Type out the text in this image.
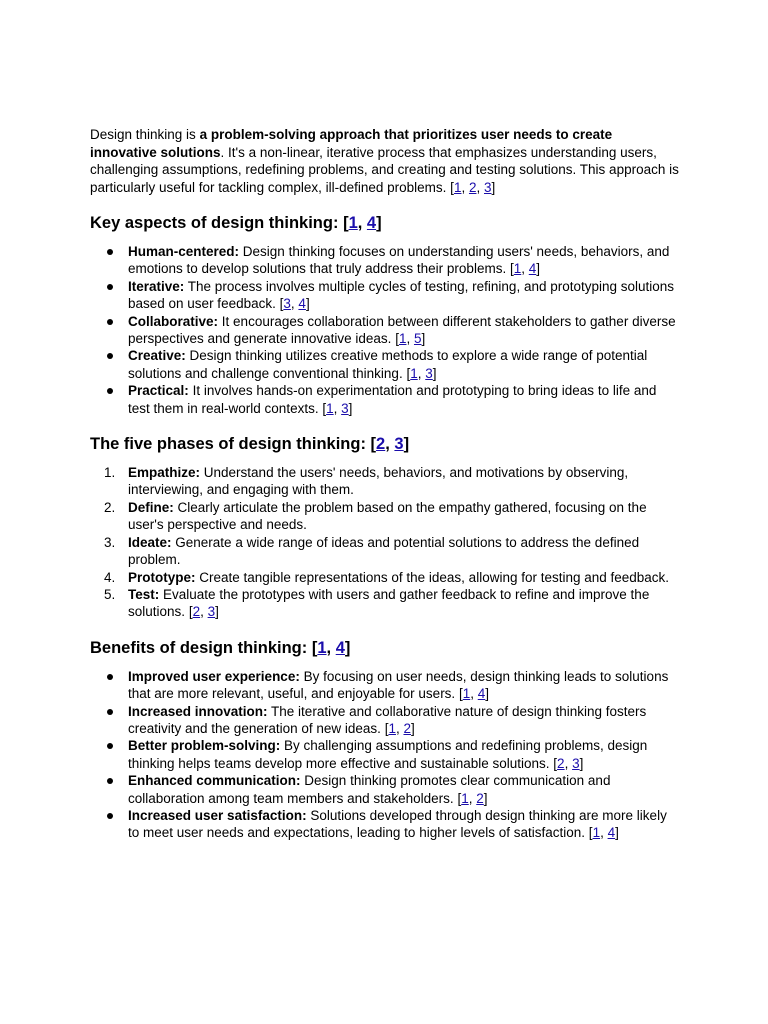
Design thinking is a problem-solving approach that prioritizes user needs to create innovative solutions. It's a non-linear, iterative process that emphasizes understanding users, challenging assumptions, redefining problems, and creating and testing solutions. This approach is particularly useful for tackling complex, ill-defined problems. [1, 2, 3]

Key aspects of design thinking: [1, 4]
Human-centered: Design thinking focuses on understanding users' needs, behaviors, and emotions to develop solutions that truly address their problems. [1, 4]
Iterative: The process involves multiple cycles of testing, refining, and prototyping solutions based on user feedback. [3, 4]
Collaborative: It encourages collaboration between different stakeholders to gather diverse perspectives and generate innovative ideas. [1, 5]
Creative: Design thinking utilizes creative methods to explore a wide range of potential solutions and challenge conventional thinking. [1, 3]
Practical: It involves hands-on experimentation and prototyping to bring ideas to life and test them in real-world contexts. [1, 3]
The five phases of design thinking: [2, 3]
1. Empathize: Understand the users' needs, behaviors, and motivations by observing, interviewing, and engaging with them.
2. Define: Clearly articulate the problem based on the empathy gathered, focusing on the user's perspective and needs.
3. Ideate: Generate a wide range of ideas and potential solutions to address the defined problem.
4. Prototype: Create tangible representations of the ideas, allowing for testing and feedback.
5. Test: Evaluate the prototypes with users and gather feedback to refine and improve the solutions. [2, 3]
Benefits of design thinking: [1, 4]
Improved user experience: By focusing on user needs, design thinking leads to solutions that are more relevant, useful, and enjoyable for users. [1, 4]
Increased innovation: The iterative and collaborative nature of design thinking fosters creativity and the generation of new ideas. [1, 2]
Better problem-solving: By challenging assumptions and redefining problems, design thinking helps teams develop more effective and sustainable solutions. [2, 3]
Enhanced communication: Design thinking promotes clear communication and collaboration among team members and stakeholders. [1, 2]
Increased user satisfaction: Solutions developed through design thinking are more likely to meet user needs and expectations, leading to higher levels of satisfaction. [1, 4]
